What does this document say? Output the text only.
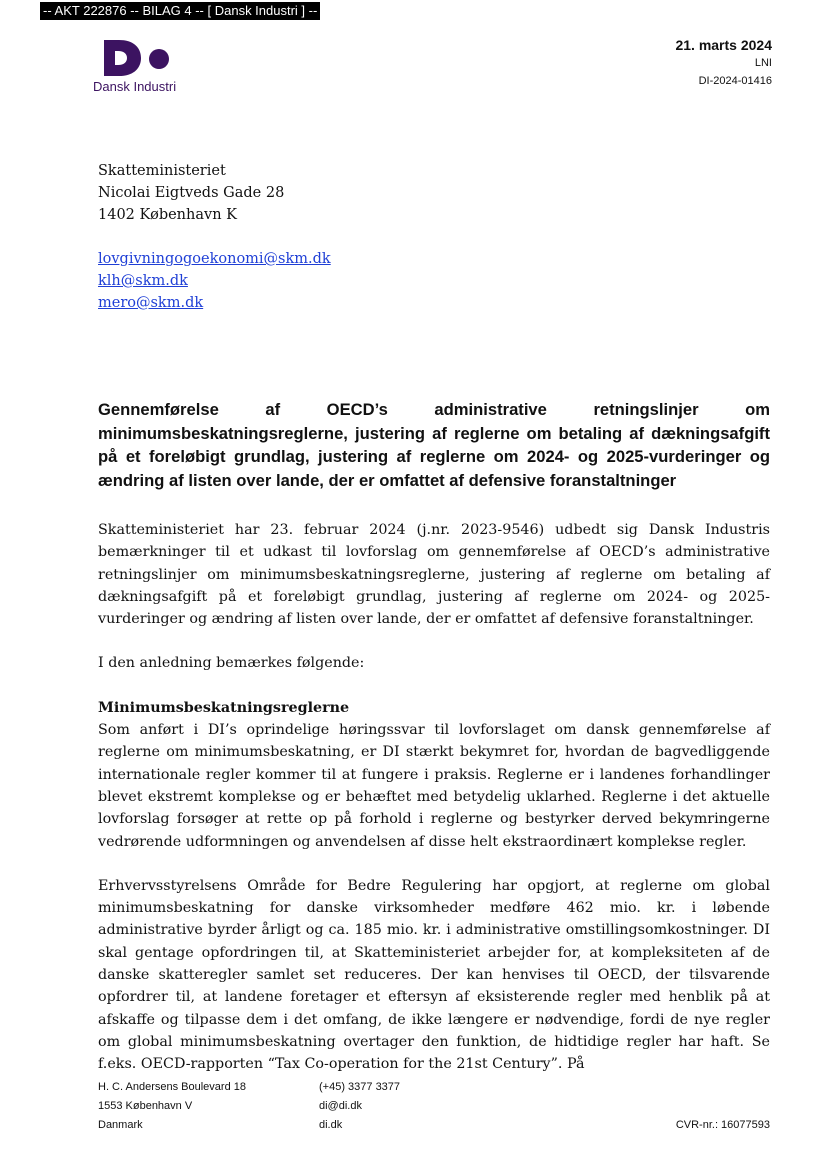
-- AKT 222876 -- BILAG 4 -- [ Dansk Industri ] --
Dansk Industri
21. marts 2024
LNI
DI-2024-01416
Skatteministeriet
Nicolai Eigtveds Gade 28
1402 København K
lovgivningogoekonomi@skm.dk
klh@skm.dk
mero@skm.dk
Gennemførelse af OECD’s administrative retningslinjer om minimumsbeskatningsreglerne, justering af reglerne om betaling af dækningsafgift på et foreløbigt grundlag, justering af reglerne om 2024- og 2025-vurderinger og ændring af listen over lande, der er omfattet af defensive foranstaltninger

Skatteministeriet har 23. februar 2024 (j.nr. 2023-9546) udbedt sig Dansk Industris bemærkninger til et udkast til lovforslag om gennemførelse af OECD’s administrative retningslinjer om minimumsbeskatningsreglerne, justering af reglerne om betaling af dækningsafgift på et foreløbigt grundlag, justering af reglerne om 2024- og 2025-vurderinger og ændring af listen over lande, der er omfattet af defensive foranstaltninger.

I den anledning bemærkes følgende:

Minimumsbeskatningsreglerne

Som anført i DI’s oprindelige høringssvar til lovforslaget om dansk gennemførelse af reglerne om minimumsbeskatning, er DI stærkt bekymret for, hvordan de bagvedliggende internationale regler kommer til at fungere i praksis. Reglerne er i landenes forhandlinger blevet ekstremt komplekse og er behæftet med betydelig uklarhed. Reglerne i det aktuelle lovforslag forsøger at rette op på forhold i reglerne og bestyrker derved bekymringerne vedrørende udformningen og anvendelsen af disse helt ekstraordinært komplekse regler.

Erhvervsstyrelsens Område for Bedre Regulering har opgjort, at reglerne om global minimumsbeskatning for danske virksomheder medføre 462 mio. kr. i løbende administrative byrder årligt og ca. 185 mio. kr. i administrative omstillingsomkostninger. DI skal gentage opfordringen til, at Skatteministeriet arbejder for, at kompleksiteten af de danske skatteregler samlet set reduceres. Der kan henvises til OECD, der tilsvarende opfordrer til, at landene foretager et eftersyn af eksisterende regler med henblik på at afskaffe og tilpasse dem i det omfang, de ikke længere er nødvendige, fordi de nye regler om global minimumsbeskatning overtager den funktion, de hidtidige regler har haft. Se f.eks. OECD-rapporten “Tax Co-operation for the 21st Century”. På

H. C. Andersens Boulevard 18
1553 København V
Danmark
(+45) 3377 3377
di@di.dk
di.dk	CVR-nr.: 16077593
